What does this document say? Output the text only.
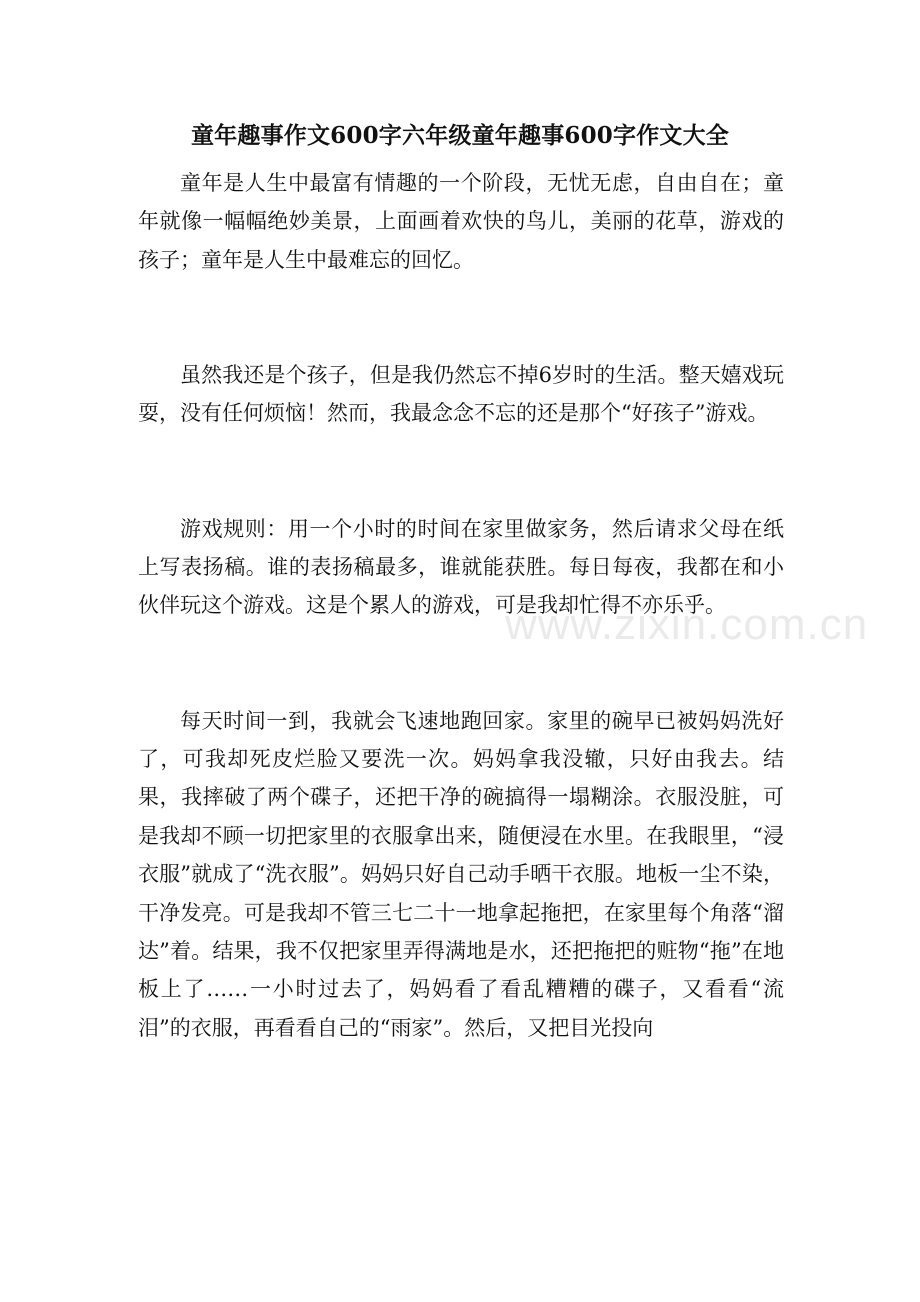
童年趣事作文600字六年级童年趣事600字作文大全

童年是人生中最富有情趣的一个阶段，无忧无虑，自由自在；童年就像一幅幅绝妙美景，上面画着欢快的鸟儿，美丽的花草，游戏的孩子；童年是人生中最难忘的回忆。

虽然我还是个孩子，但是我仍然忘不掉6岁时的生活。整天嬉戏玩耍，没有任何烦恼！然而，我最念念不忘的还是那个“好孩子”游戏。

游戏规则：用一个小时的时间在家里做家务，然后请求父母在纸上写表扬稿。谁的表扬稿最多，谁就能获胜。每日每夜，我都在和小伙伴玩这个游戏。这是个累人的游戏，可是我却忙得不亦乐乎。

每天时间一到，我就会飞速地跑回家。家里的碗早已被妈妈洗好了，可我却死皮烂脸又要洗一次。妈妈拿我没辙，只好由我去。结果，我摔破了两个碟子，还把干净的碗搞得一塌糊涂。衣服没脏，可是我却不顾一切把家里的衣服拿出来，随便浸在水里。在我眼里，“浸衣服”就成了“洗衣服”。妈妈只好自己动手晒干衣服。地板一尘不染，干净发亮。可是我却不管三七二十一地拿起拖把，在家里每个角落“溜达”着。结果，我不仅把家里弄得满地是水，还把拖把的赃物“拖”在地板上了……一小时过去了，妈妈看了看乱糟糟的碟子，又看看“流泪”的衣服，再看看自己的“雨家”。然后，又把目光投向

www.zixin.com.cn
